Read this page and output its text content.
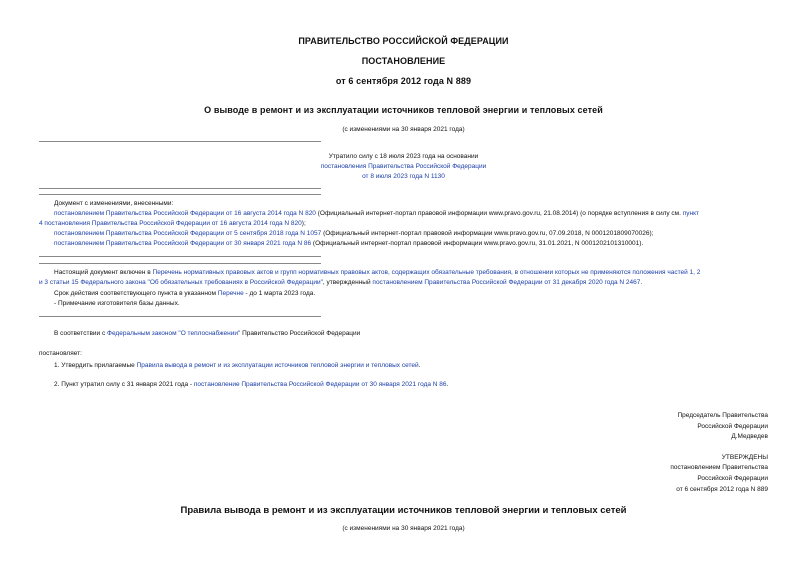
ПРАВИТЕЛЬСТВО РОССИЙСКОЙ ФЕДЕРАЦИИ
ПОСТАНОВЛЕНИЕ
от 6 сентября 2012 года N 889
О выводе в ремонт и из эксплуатации источников тепловой энергии и тепловых сетей
(с изменениями на 30 января 2021 года)
Утратило силу с 18 июля 2023 года на основании
постановления Правительства Российской Федерации
от 8 июля 2023 года N 1130
Документ с изменениями, внесенными:
постановлением Правительства Российской Федерации от 16 августа 2014 года N 820 (Официальный интернет-портал правовой информации www.pravo.gov.ru, 21.08.2014) (о порядке вступления в силу см. пункт
4 постановления Правительства Российской Федерации от 16 августа 2014 года N 820);
постановлением Правительства Российской Федерации от 5 сентября 2018 года N 1057 (Официальный интернет-портал правовой информации www.pravo.gov.ru, 07.09.2018, N 0001201809070026);
постановлением Правительства Российской Федерации от 30 января 2021 года N 86 (Официальный интернет-портал правовой информации www.pravo.gov.ru, 31.01.2021, N 0001202101310001).
Настоящий документ включен в Перечень нормативных правовых актов и групп нормативных правовых актов, содержащих обязательные требования, в отношении которых не применяются положения частей 1, 2
и 3 статьи 15 Федерального закона "Об обязательных требованиях в Российской Федерации", утвержденный постановлением Правительства Российской Федерации от 31 декабря 2020 года N 2467.
Срок действия соответствующего пункта в указанном Перечне - до 1 марта 2023 года.
- Примечание изготовителя базы данных.
В соответствии с Федеральным законом "О теплоснабжении" Правительство Российской Федерации
постановляет:
1. Утвердить прилагаемые Правила вывода в ремонт и из эксплуатации источников тепловой энергии и тепловых сетей.
2. Пункт утратил силу с 31 января 2021 года - постановление Правительства Российской Федерации от 30 января 2021 года N 86.
Председатель Правительства
Российской Федерации
Д.Медведев
УТВЕРЖДЕНЫ
постановлением Правительства
Российской Федерации
от 6 сентября 2012 года N 889
Правила вывода в ремонт и из эксплуатации источников тепловой энергии и тепловых сетей
(с изменениями на 30 января 2021 года)
